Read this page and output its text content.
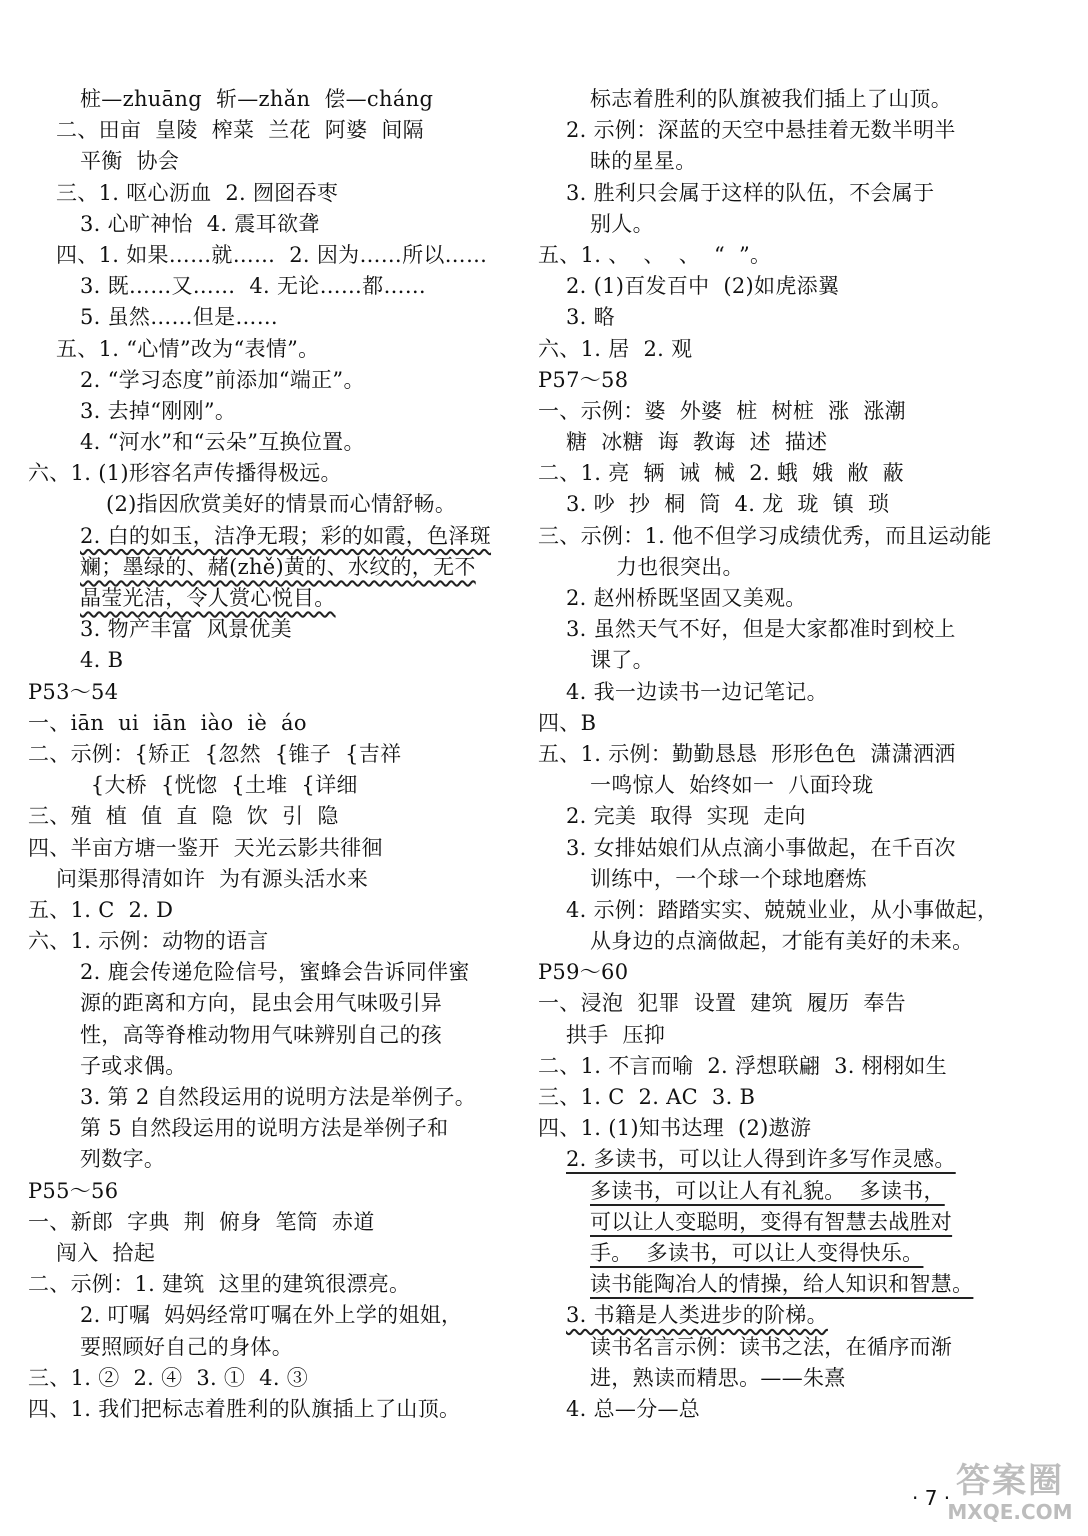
桩—zhuāng  斩—zhǎn  偿—cháng
二、田亩  皇陵  榨菜  兰花  阿婆  间隔
平衡  协会
三、1. 呕心沥血  2. 囫囵吞枣
3. 心旷神怡  4. 震耳欲聋
四、1. 如果……就……  2. 因为……所以……
3. 既……又……  4. 无论……都……
5. 虽然……但是……
五、1. “心情”改为“表情”。
2. “学习态度”前添加“端正”。
3. 去掉“刚刚”。
4. “河水”和“云朵”互换位置。
六、1. (1)形容名声传播得极远。
(2)指因欣赏美好的情景而心情舒畅。
2. 白的如玉，洁净无瑕；彩的如霞，色泽斑
斓；墨绿的、赭(zhě)黄的、水纹的，无不
晶莹光洁，令人赏心悦目。
3. 物产丰富  风景优美
4. B
P53～54
一、iān  ui  iān  iào  iè  áo
二、示例：{矫正  {忽然  {锥子  {吉祥
{大桥  {恍惚  {土堆  {详细
三、殖  植  值  直  隐  饮  引  隐
四、半亩方塘一鉴开  天光云影共徘徊
问渠那得清如许  为有源头活水来
五、1. C  2. D
六、1. 示例：动物的语言
2. 鹿会传递危险信号，蜜蜂会告诉同伴蜜
源的距离和方向，昆虫会用气味吸引异
性，高等脊椎动物用气味辨别自己的孩
子或求偶。
3. 第 2 自然段运用的说明方法是举例子。
第 5 自然段运用的说明方法是举例子和
列数字。
P55～56
一、新郎  字典  荆  俯身  笔筒  赤道
闯入  拾起
二、示例：1. 建筑  这里的建筑很漂亮。
2. 叮嘱  妈妈经常叮嘱在外上学的姐姐，
要照顾好自己的身体。
三、1. ②  2. ④  3. ①  4. ③
四、1. 我们把标志着胜利的队旗插上了山顶。
标志着胜利的队旗被我们插上了山顶。
2. 示例：深蓝的天空中悬挂着无数半明半
昧的星星。
3. 胜利只会属于这样的队伍，不会属于
别人。
五、1. 、  、  、  “  ”。
2. (1)百发百中  (2)如虎添翼
3. 略
六、1. 居  2. 观
P57～58
一、示例：婆  外婆  桩  树桩  涨  涨潮
糖  冰糖  诲  教诲  述  描述
二、1. 亮  辆  诫  械  2. 蛾  娥  敝  蔽
3. 吵  抄  桐  筒  4. 龙  珑  镇  琐
三、示例：1. 他不但学习成绩优秀，而且运动能
力也很突出。
2. 赵州桥既坚固又美观。
3. 虽然天气不好，但是大家都准时到校上
课了。
4. 我一边读书一边记笔记。
四、B
五、1. 示例：勤勤恳恳  形形色色  潇潇洒洒
一鸣惊人  始终如一  八面玲珑
2. 完美  取得  实现  走向
3. 女排姑娘们从点滴小事做起，在千百次
训练中，一个球一个球地磨炼
4. 示例：踏踏实实、兢兢业业，从小事做起，
从身边的点滴做起，才能有美好的未来。
P59～60
一、浸泡  犯罪  设置  建筑  履历  奉告
拱手  压抑
二、1. 不言而喻  2. 浮想联翩  3. 栩栩如生
三、1. C  2. AC  3. B
四、1. (1)知书达理  (2)遨游
2. 多读书，可以让人得到许多写作灵感。
多读书，可以让人有礼貌。  多读书，
可以让人变聪明，变得有智慧去战胜对
手。  多读书，可以让人变得快乐。
读书能陶冶人的情操，给人知识和智慧。
3. 书籍是人类进步的阶梯。
读书名言示例：读书之法，在循序而渐
进，熟读而精思。——朱熹
4. 总—分—总
· 7 · 答案圈
MXQE.COM
